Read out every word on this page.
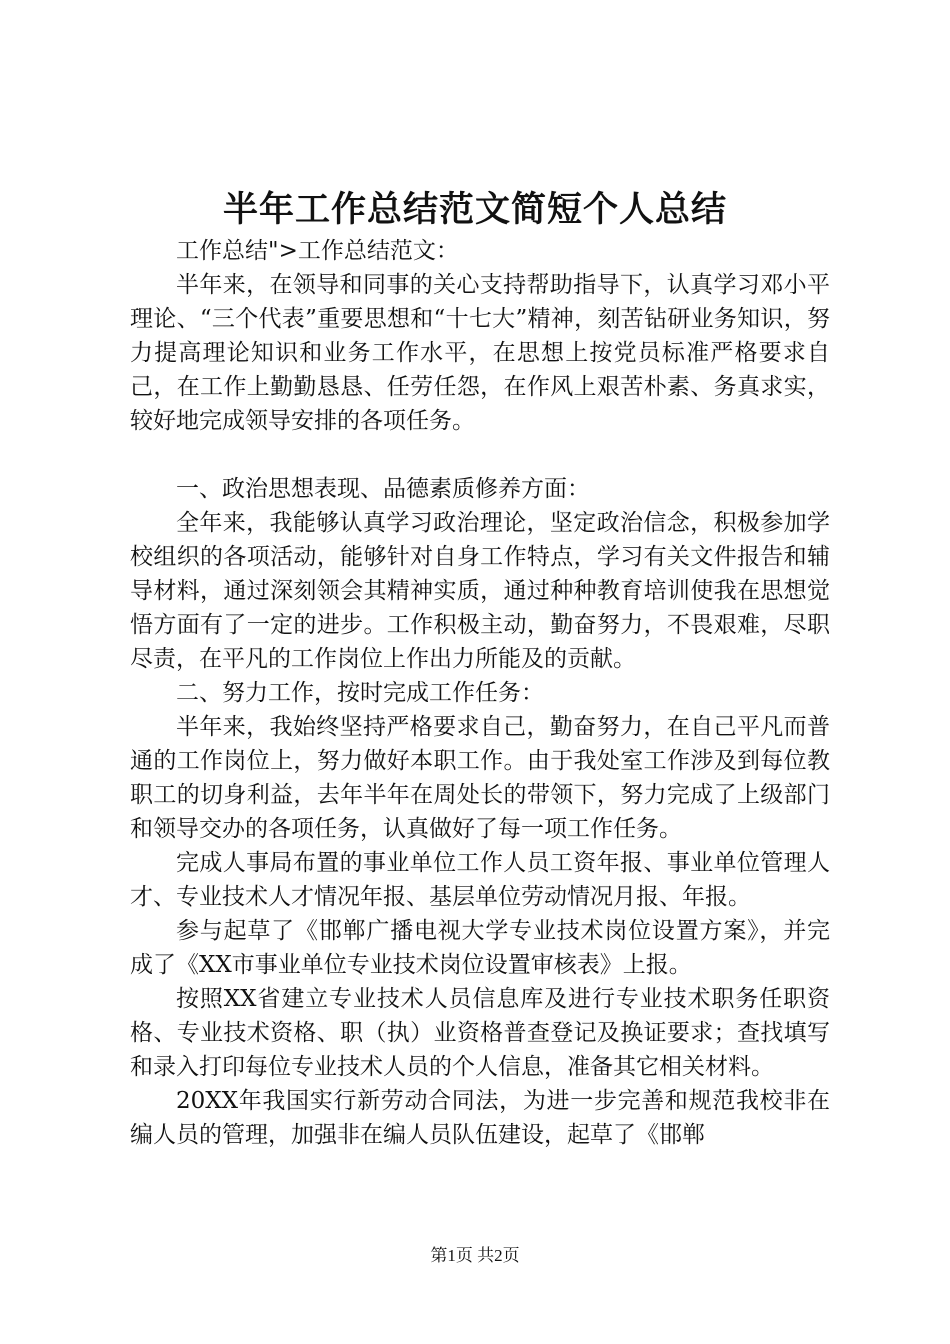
半年工作总结范文简短个人总结

工作总结">工作总结范文：

半年来，在领导和同事的关心支持帮助指导下，认真学习邓小平理论、“三个代表”重要思想和“十七大”精神，刻苦钻研业务知识，努力提高理论知识和业务工作水平，在思想上按党员标准严格要求自己，在工作上勤勤恳恳、任劳任怨，在作风上艰苦朴素、务真求实，较好地完成领导安排的各项任务。

一、政治思想表现、品德素质修养方面：

全年来，我能够认真学习政治理论，坚定政治信念，积极参加学校组织的各项活动，能够针对自身工作特点，学习有关文件报告和辅导材料，通过深刻领会其精神实质，通过种种教育培训使我在思想觉悟方面有了一定的进步。工作积极主动，勤奋努力，不畏艰难，尽职尽责，在平凡的工作岗位上作出力所能及的贡献。

二、努力工作，按时完成工作任务：

半年来，我始终坚持严格要求自己，勤奋努力，在自己平凡而普通的工作岗位上，努力做好本职工作。由于我处室工作涉及到每位教职工的切身利益，去年半年在周处长的带领下，努力完成了上级部门和领导交办的各项任务，认真做好了每一项工作任务。

完成人事局布置的事业单位工作人员工资年报、事业单位管理人才、专业技术人才情况年报、基层单位劳动情况月报、年报。

参与起草了《邯郸广播电视大学专业技术岗位设置方案》，并完成了《XX市事业单位专业技术岗位设置审核表》上报。

按照XX省建立专业技术人员信息库及进行专业技术职务任职资格、专业技术资格、职（执）业资格普查登记及换证要求；查找填写和录入打印每位专业技术人员的个人信息，准备其它相关材料。

20XX年我国实行新劳动合同法，为进一步完善和规范我校非在编人员的管理，加强非在编人员队伍建设，起草了《邯郸

第1页 共2页
